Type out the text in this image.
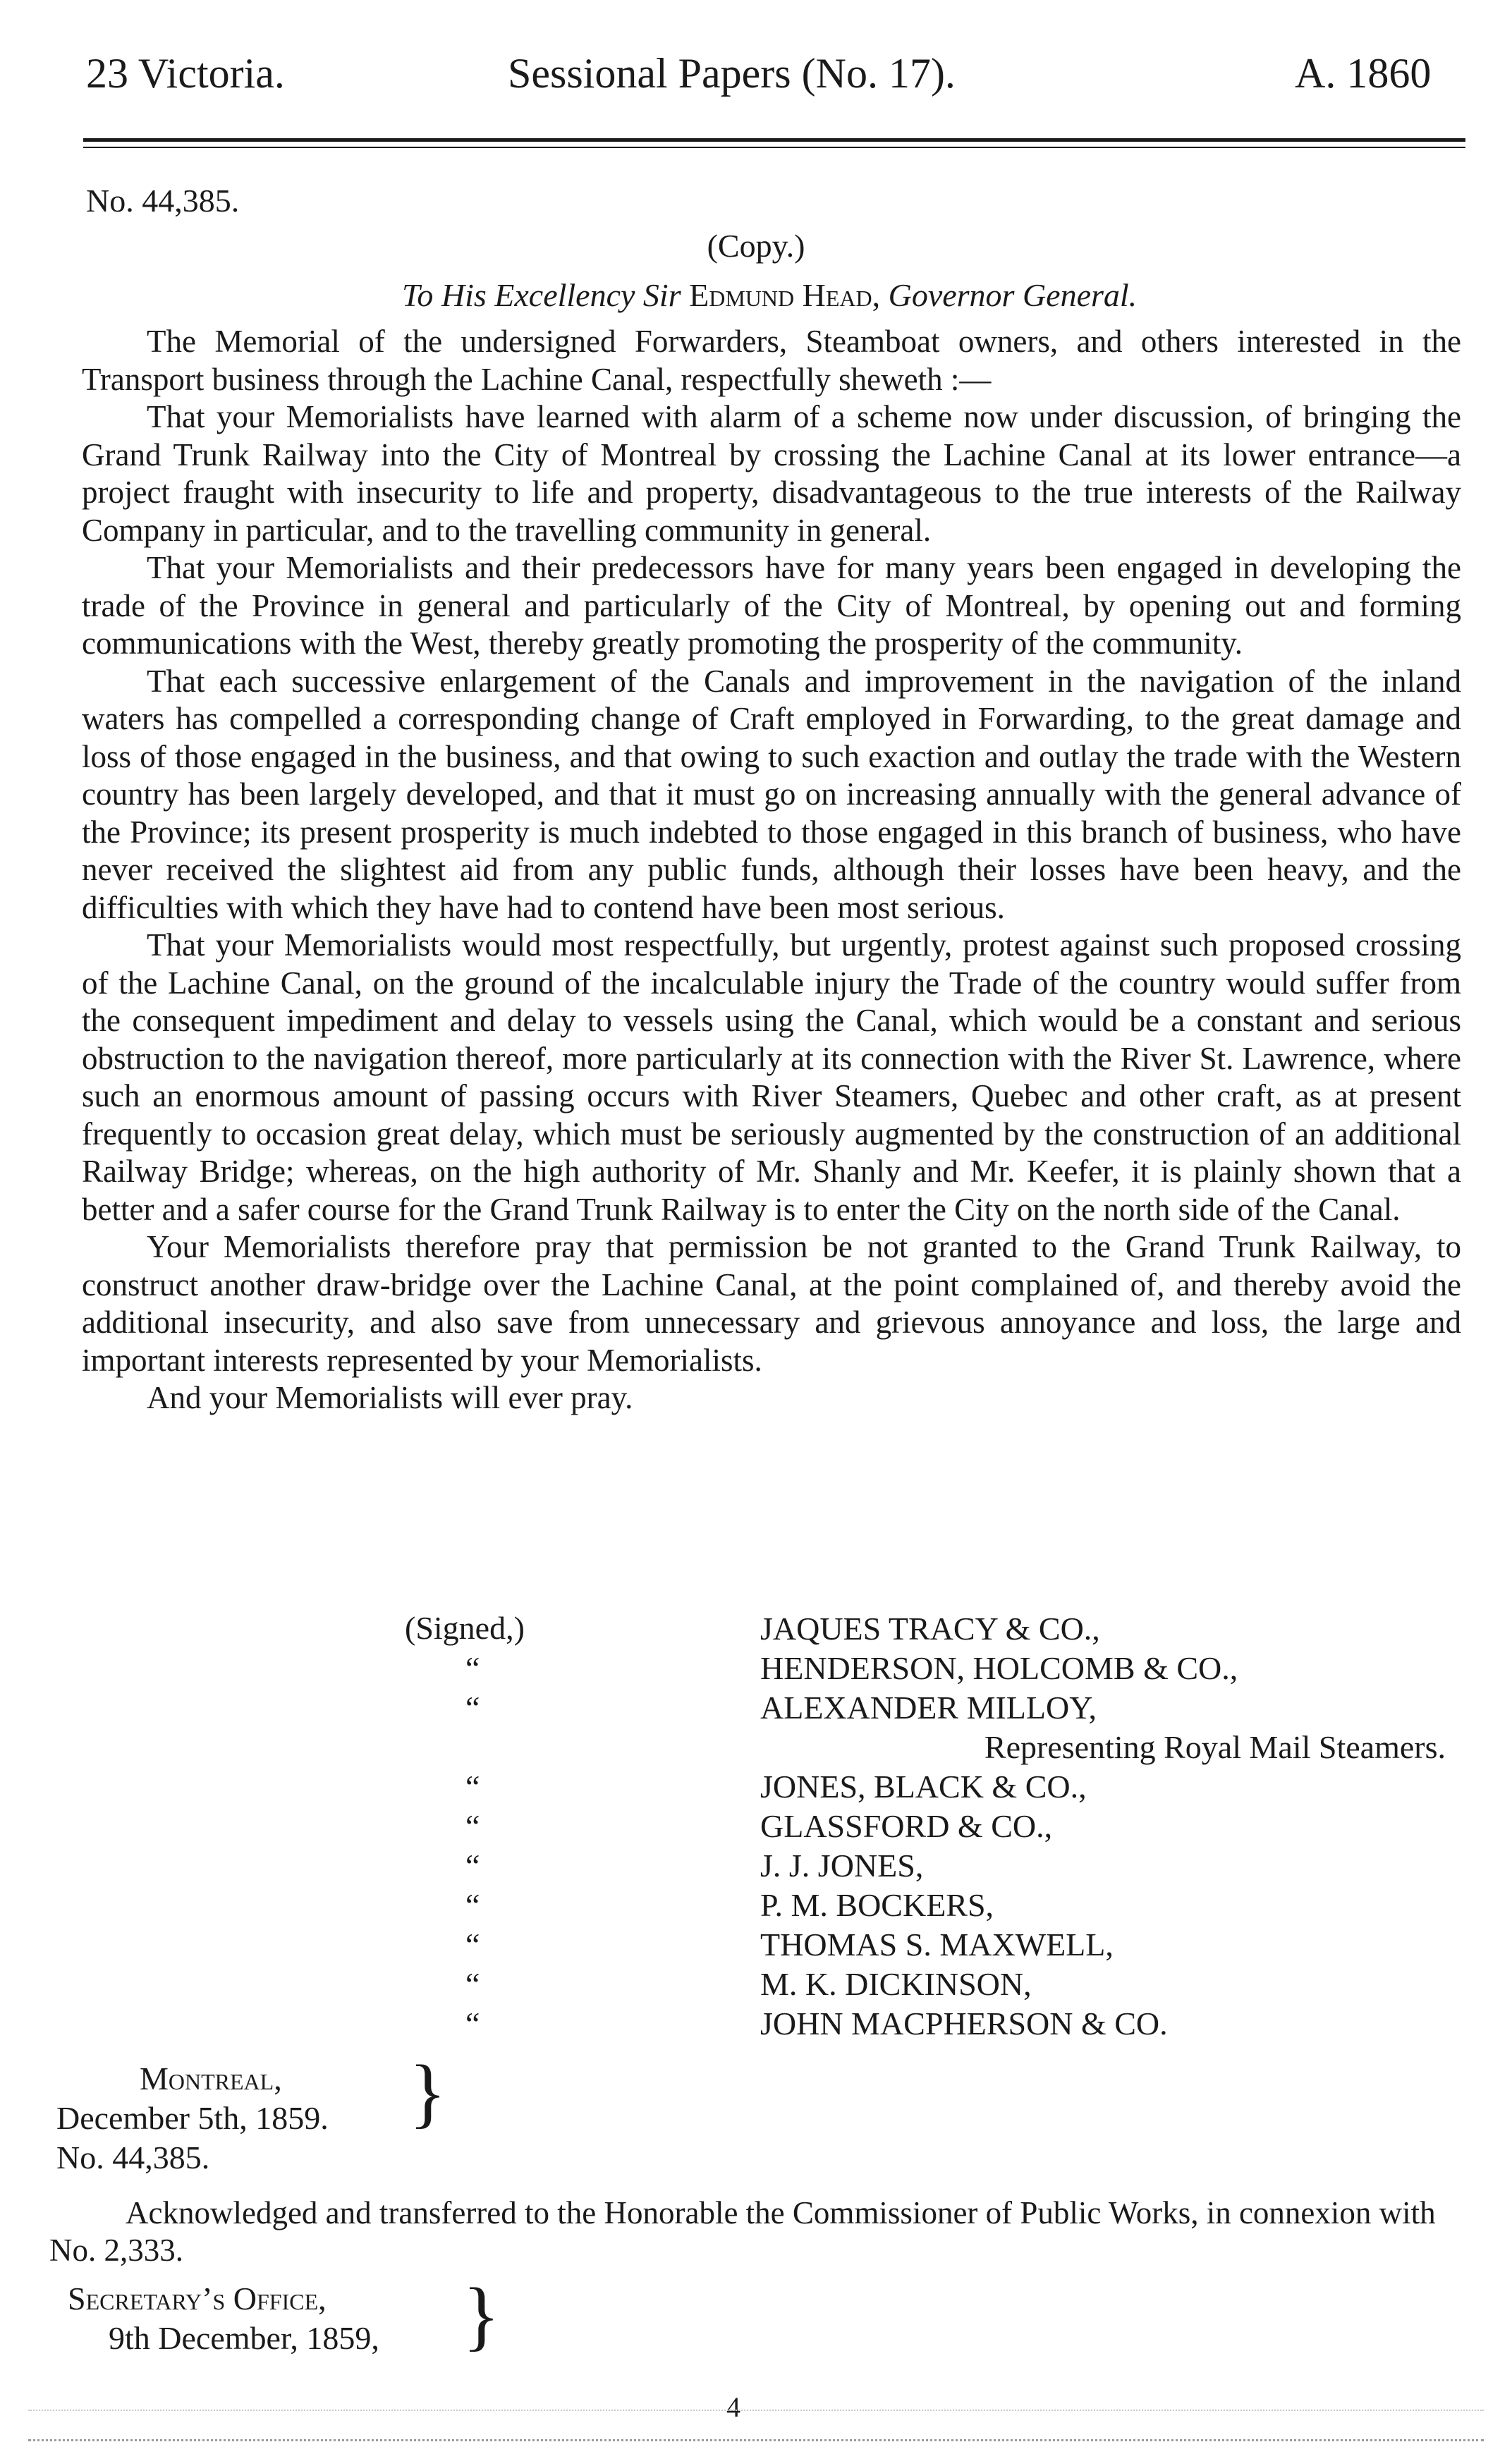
23 Victoria.	Sessional Papers (No. 17).	A. 1860
No. 44,385.
(Copy.)
To His Excellency Sir Edmund Head, Governor General.

The Memorial of the undersigned Forwarders, Steamboat owners, and others interested in the Transport business through the Lachine Canal, respectfully sheweth :—

That your Memorialists have learned with alarm of a scheme now under discussion, of bringing the Grand Trunk Railway into the City of Montreal by crossing the Lachine Canal at its lower entrance—a project fraught with insecurity to life and property, disadvantageous to the true interests of the Railway Company in particular, and to the travelling community in general.

That your Memorialists and their predecessors have for many years been engaged in developing the trade of the Province in general and particularly of the City of Montreal, by opening out and forming communications with the West, thereby greatly promoting the prosperity of the community.

That each successive enlargement of the Canals and improvement in the navigation of the inland waters has compelled a corresponding change of Craft employed in Forwarding, to the great damage and loss of those engaged in the business, and that owing to such exaction and outlay the trade with the Western country has been largely developed, and that it must go on increasing annually with the general advance of the Province; its present prosperity is much indebted to those engaged in this branch of business, who have never received the slightest aid from any public funds, although their losses have been heavy, and the difficulties with which they have had to contend have been most serious.

That your Memorialists would most respectfully, but urgently, protest against such proposed crossing of the Lachine Canal, on the ground of the incalculable injury the Trade of the country would suffer from the consequent impediment and delay to vessels using the Canal, which would be a constant and serious obstruction to the navigation thereof, more particularly at its connection with the River St. Lawrence, where such an enormous amount of passing occurs with River Steamers, Quebec and other craft, as at present frequently to occasion great delay, which must be seriously augmented by the construction of an additional Railway Bridge; whereas, on the high authority of Mr. Shanly and Mr. Keefer, it is plainly shown that a better and a safer course for the Grand Trunk Railway is to enter the City on the north side of the Canal.

Your Memorialists therefore pray that permission be not granted to the Grand Trunk Railway, to construct another draw-bridge over the Lachine Canal, at the point complained of, and thereby avoid the additional insecurity, and also save from unnecessary and grievous annoyance and loss, the large and important interests represented by your Memorialists.

And your Memorialists will ever pray.

(Signed,)	JAQUES TRACY & CO.,
“	HENDERSON, HOLCOMB & CO.,
“	ALEXANDER MILLOY,
Representing Royal Mail Steamers.
“	JONES, BLACK & CO.,
“	GLASSFORD & CO.,
“	J. J. JONES,
“	P. M. BOCKERS,
“	THOMAS S. MAXWELL,
“	M. K. DICKINSON,
“	JOHN MACPHERSON & CO.
Montreal,
December 5th, 1859.
No. 44,385.
}

Acknowledged and transferred to the Honorable the Commissioner of Public Works, in connexion with No. 2,333.

Secretary’s Office,
9th December, 1859, }
4
